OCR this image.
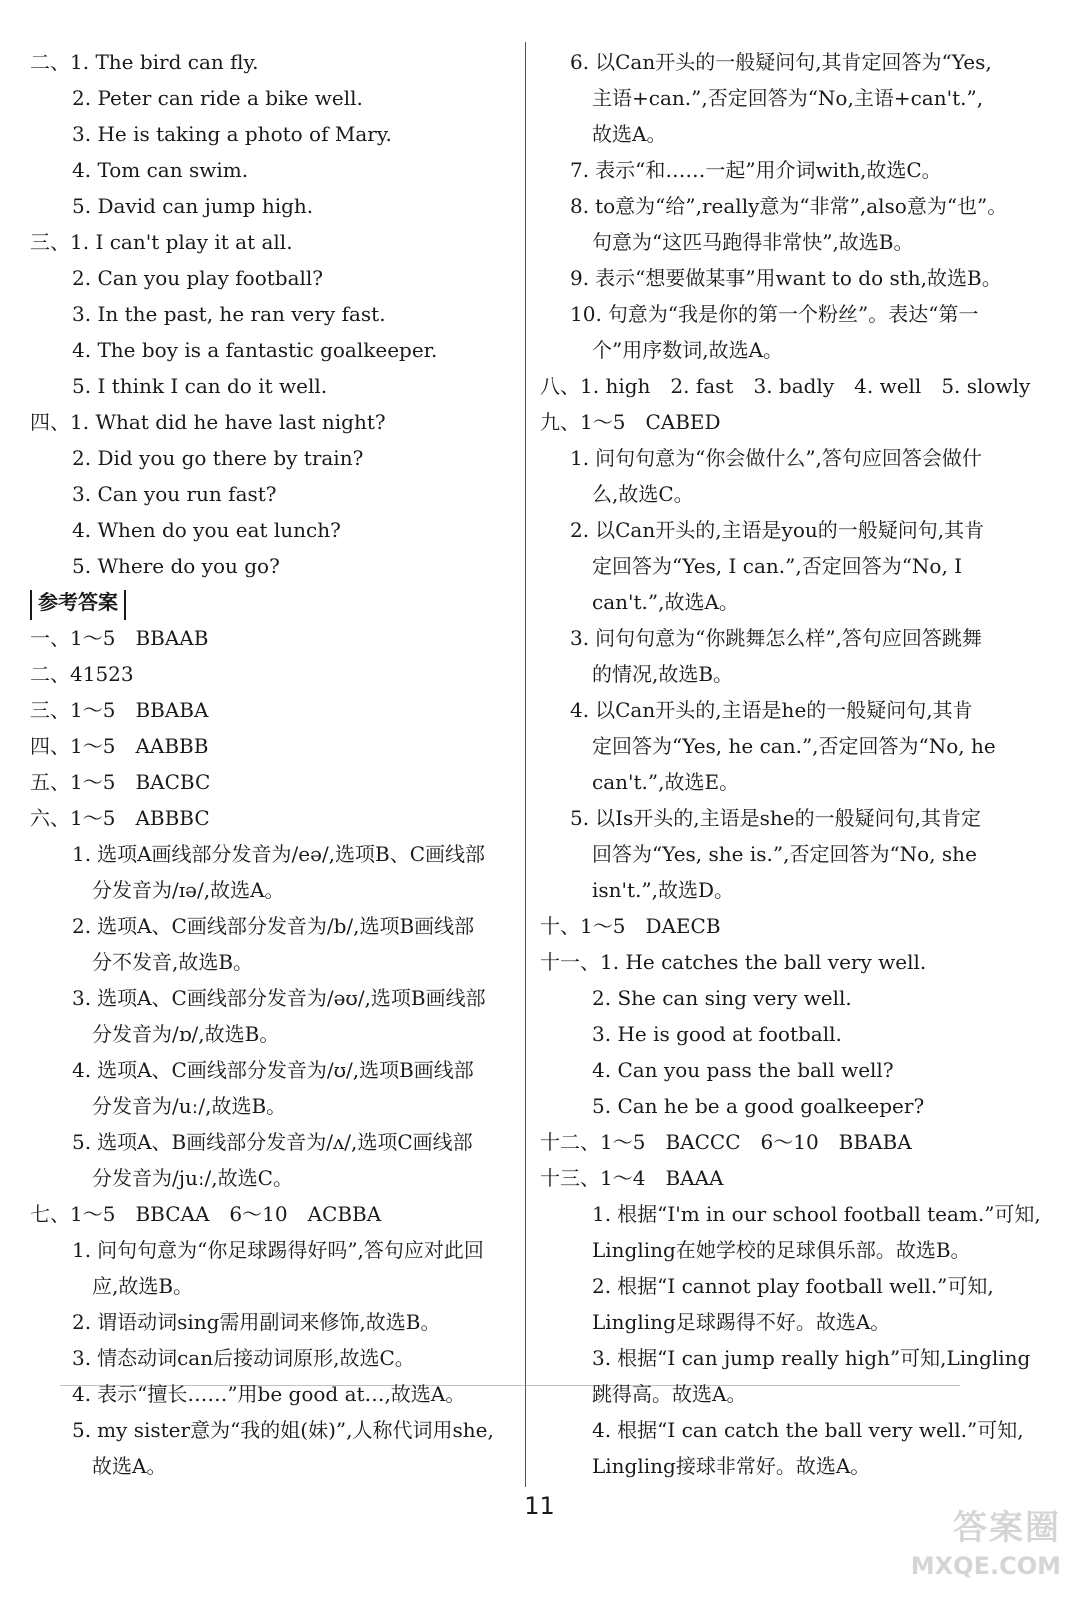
二、 1. The bird can fly.
2. Peter can ride a bike well.
3. He is taking a photo of Mary.
4. Tom can swim.
5. David can jump high.
三、 1. I can't play it at all.
2. Can you play football?
3. In the past, he ran very fast.
4. The boy is a fantastic goalkeeper.
5. I think I can do it well.
四、 1. What did he have last night?
2. Did you go there by train?
3. Can you run fast?
4. When do you eat lunch?
5. Where do you go?
参考答案
一、 1～5　BBAAB
二、 41523
三、 1～5　BBABA
四、 1～5　AABBB
五、 1～5　BACBC
六、 1～5　ABBBC
1. 选项A画线部分发音为/eə/,选项B、C画线部
分发音为/ɪə/,故选A。
2. 选项A、C画线部分发音为/b/,选项B画线部
分不发音,故选B。
3. 选项A、C画线部分发音为/əʊ/,选项B画线部
分发音为/ɒ/,故选B。
4. 选项A、C画线部分发音为/ʊ/,选项B画线部
分发音为/uː/,故选B。
5. 选项A、B画线部分发音为/ʌ/,选项C画线部
分发音为/juː/,故选C。
七、 1～5　BBCAA　6～10　ACBBA
1. 问句句意为“你足球踢得好吗”,答句应对此回
应,故选B。
2. 谓语动词sing需用副词来修饰,故选B。
3. 情态动词can后接动词原形,故选C。
4. 表示“擅长……”用be good at…,故选A。
5. my sister意为“我的姐(妹)”,人称代词用she,
故选A。
6. 以Can开头的一般疑问句,其肯定回答为“Yes,
主语+can.”,否定回答为“No,主语+can't.”,
故选A。
7. 表示“和……一起”用介词with,故选C。
8. to意为“给”,really意为“非常”,also意为“也”。
句意为“这匹马跑得非常快”,故选B。
9. 表示“想要做某事”用want to do sth,故选B。
10. 句意为“我是你的第一个粉丝”。表达“第一
个”用序数词,故选A。
八、 1. high　2. fast　3. badly　4. well　5. slowly
九、 1～5　CABED
1. 问句句意为“你会做什么”,答句应回答会做什
么,故选C。
2. 以Can开头的,主语是you的一般疑问句,其肯
定回答为“Yes, I can.”,否定回答为“No, I
can't.”,故选A。
3. 问句句意为“你跳舞怎么样”,答句应回答跳舞
的情况,故选B。
4. 以Can开头的,主语是he的一般疑问句,其肯
定回答为“Yes, he can.”,否定回答为“No, he
can't.”,故选E。
5. 以Is开头的,主语是she的一般疑问句,其肯定
回答为“Yes, she is.”,否定回答为“No, she
isn't.”,故选D。
十、 1～5　DAECB
十一、 1. He catches the ball very well.
2. She can sing very well.
3. He is good at football.
4. Can you pass the ball well?
5. Can he be a good goalkeeper?
十二、 1～5　BACCC　6～10　BBABA
十三、 1～4　BAAA
1. 根据“I'm in our school football team.”可知,
Lingling在她学校的足球俱乐部。故选B。
2. 根据“I cannot play football well.”可知,
Lingling足球踢得不好。故选A。
3. 根据“I can jump really high”可知,Lingling
跳得高。故选A。
4. 根据“I can catch the ball very well.”可知,
Lingling接球非常好。故选A。
11
答案圈
MXQE.COM
